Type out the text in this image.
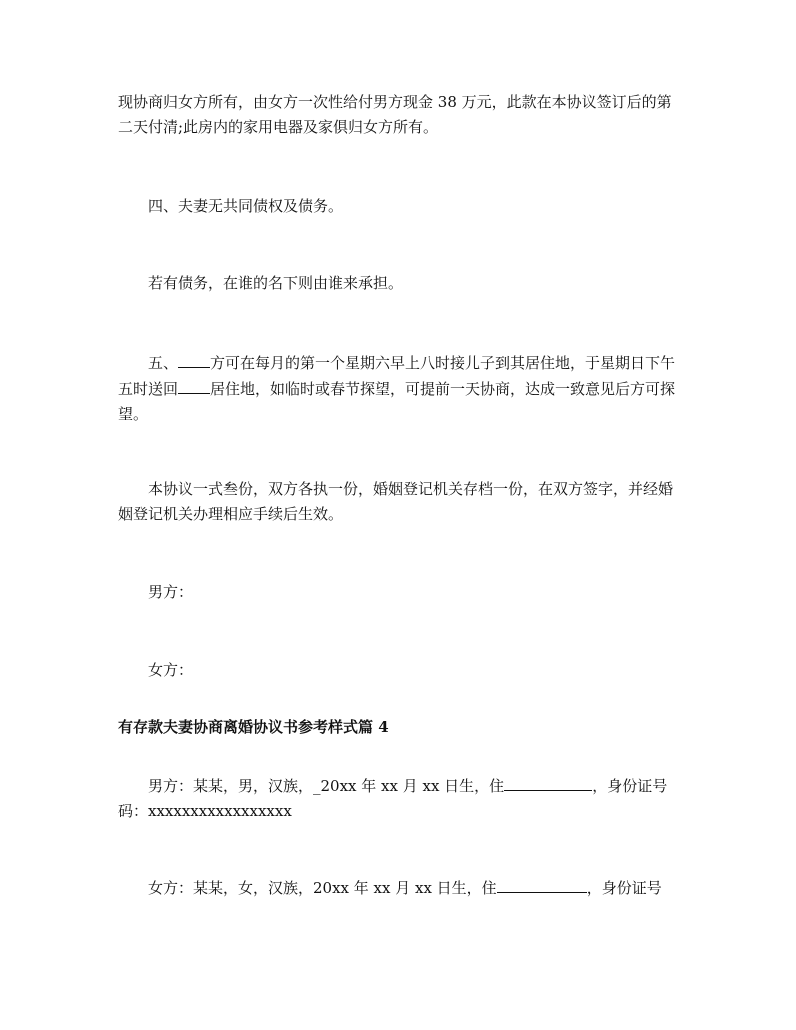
现协商归女方所有，由女方一次性给付男方现金 38 万元，此款在本协议签订后的第二天付清;此房内的家用电器及家俱归女方所有。

四、夫妻无共同债权及债务。

若有债务，在谁的名下则由谁来承担。

五、 方可在每月的第一个星期六早上八时接儿子到其居住地，于星期日下午五时送回 居住地，如临时或春节探望，可提前一天协商，达成一致意见后方可探望。

本协议一式叁份，双方各执一份，婚姻登记机关存档一份，在双方签字，并经婚姻登记机关办理相应手续后生效。

男方：

女方：

有存款夫妻协商离婚协议书参考样式篇 4

男方：某某，男，汉族，_20xx 年 xx 月 xx 日生，住	，身份证号码：xxxxxxxxxxxxxxxxx

女方：某某，女，汉族，20xx 年 xx 月 xx 日生，住	，身份证号
